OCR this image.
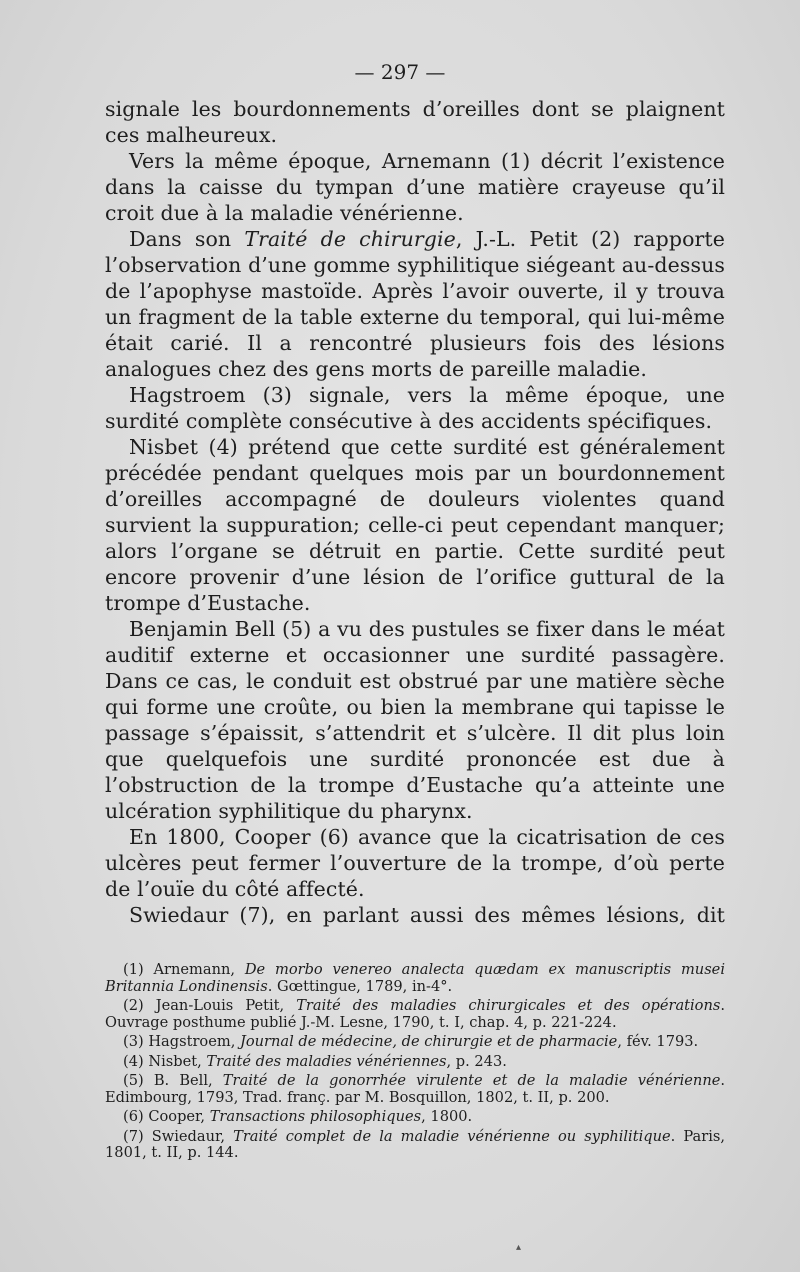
— 297 —

signale les bourdonnements d’oreilles dont se plaignent ces malheureux.

Vers la même époque, Arnemann (1) décrit l’existence dans la caisse du tympan d’une matière crayeuse qu’il croit due à la maladie vénérienne.

Dans son Traité de chirurgie, J.-L. Petit (2) rapporte l’observation d’une gomme syphilitique siégeant au-dessus de l’apophyse mastoïde. Après l’avoir ouverte, il y trouva un fragment de la table externe du temporal, qui lui-même était carié. Il a rencontré plusieurs fois des lésions analogues chez des gens morts de pareille maladie.

Hagstroem (3) signale, vers la même époque, une surdité complète consécutive à des accidents spécifiques.

Nisbet (4) prétend que cette surdité est généralement précédée pendant quelques mois par un bourdonnement d’oreilles accompagné de douleurs violentes quand survient la suppuration; celle-ci peut cependant manquer; alors l’organe se détruit en partie. Cette surdité peut encore provenir d’une lésion de l’orifice guttural de la trompe d’Eustache.

Benjamin Bell (5) a vu des pustules se fixer dans le méat auditif externe et occasionner une surdité passagère. Dans ce cas, le conduit est obstrué par une matière sèche qui forme une croûte, ou bien la membrane qui tapisse le passage s’épaissit, s’attendrit et s’ulcère. Il dit plus loin que quelquefois une surdité prononcée est due à l’obstruction de la trompe d’Eustache qu’a atteinte une ulcération syphilitique du pharynx.

En 1800, Cooper (6) avance que la cicatrisation de ces ulcères peut fermer l’ouverture de la trompe, d’où perte de l’ouïe du côté affecté.

Swiedaur (7), en parlant aussi des mêmes lésions, dit

(1) Arnemann, De morbo venereo analecta quædam ex manuscriptis musei Britannia Londinensis. Gœttingue, 1789, in-4°.

(2) Jean-Louis Petit, Traité des maladies chirurgicales et des opérations. Ouvrage posthume publié J.-M. Lesne, 1790, t. I, chap. 4, p. 221-224.

(3) Hagstroem, Journal de médecine, de chirurgie et de pharmacie, fév. 1793.

(4) Nisbet, Traité des maladies vénériennes, p. 243.

(5) B. Bell, Traité de la gonorrhée virulente et de la maladie vénérienne. Edimbourg, 1793, Trad. franç. par M. Bosquillon, 1802, t. II, p. 200.

(6) Cooper, Transactions philosophiques, 1800.

(7) Swiedaur, Traité complet de la maladie vénérienne ou syphilitique. Paris, 1801, t. II, p. 144.

▴
